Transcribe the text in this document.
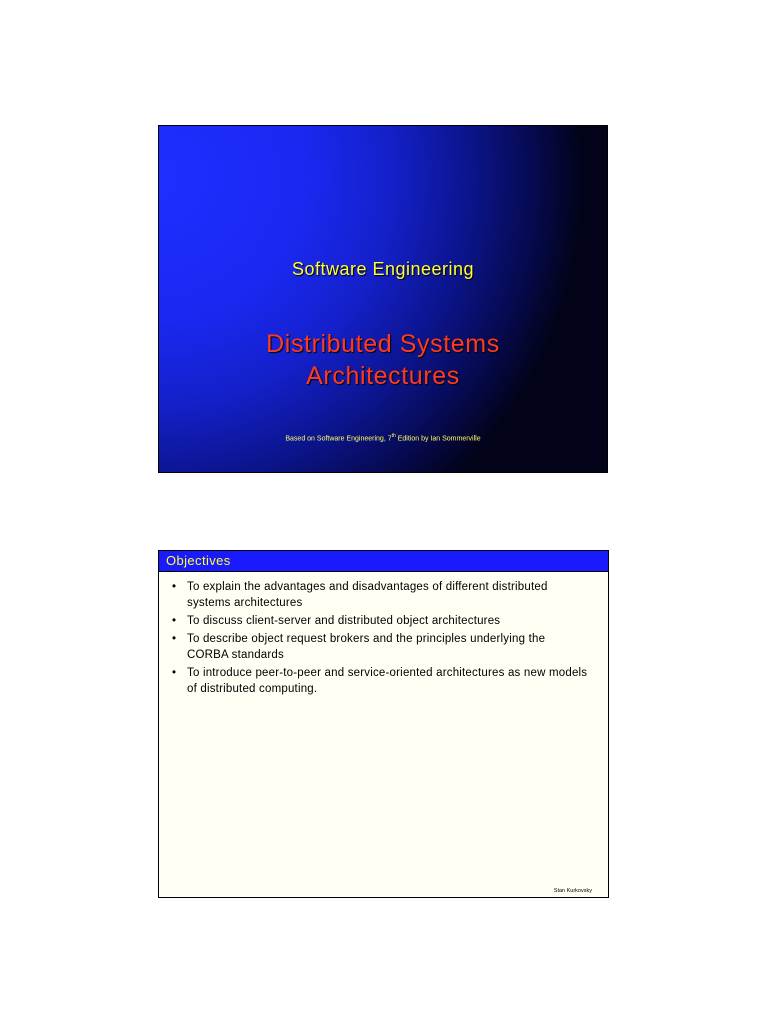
Software Engineering
Distributed Systems
Architectures
Based on Software Engineering, 7th Edition by Ian Sommerville
Objectives
• To explain the advantages and disadvantages of different distributed systems architectures
• To discuss client-server and distributed object architectures
• To describe object request brokers and the principles underlying the CORBA standards
• To introduce peer-to-peer and service-oriented architectures as new models of distributed computing.
Stan Kurkovsky
